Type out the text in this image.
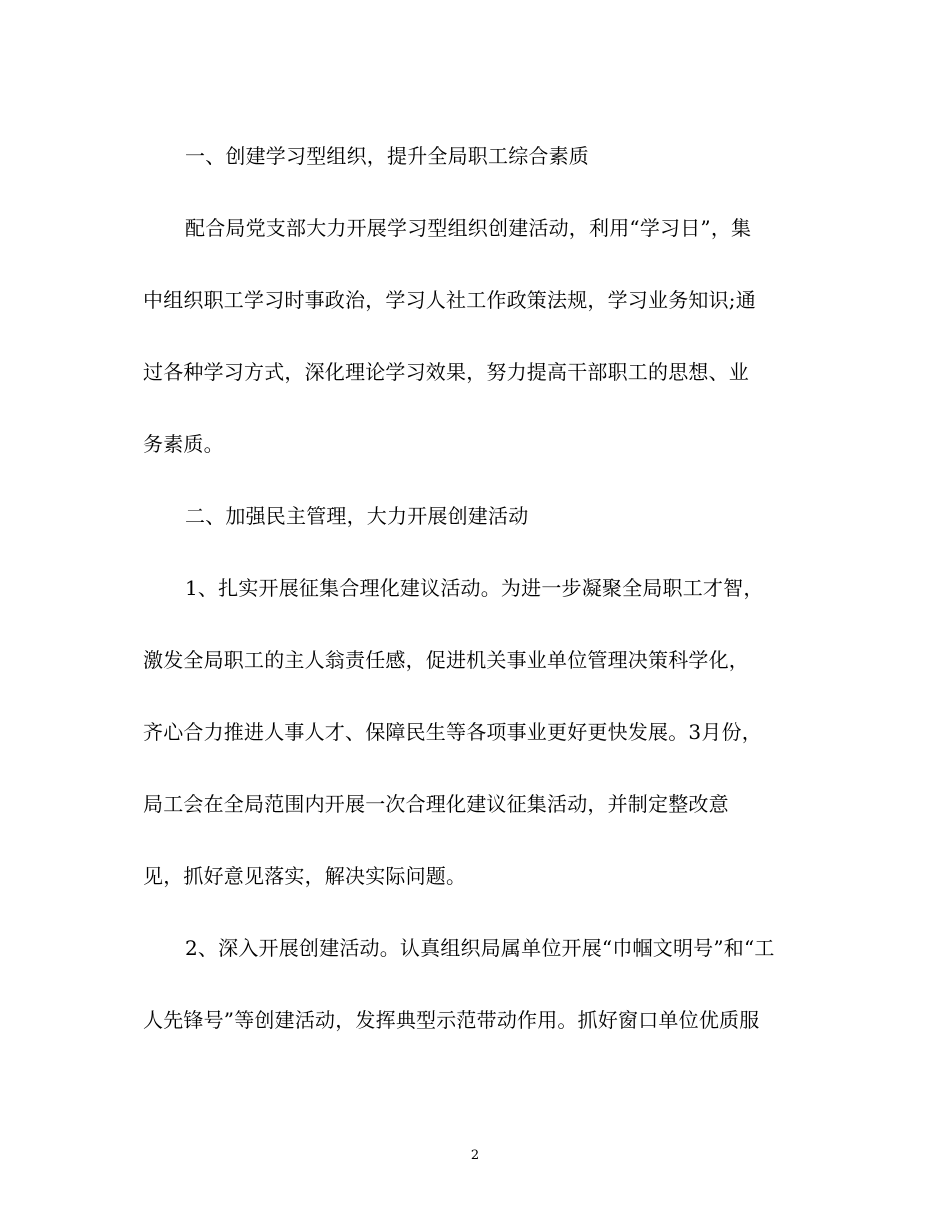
一、创建学习型组织，提升全局职工综合素质
配合局党支部大力开展学习型组织创建活动，利用“学习日”，集
中组织职工学习时事政治，学习人社工作政策法规，学习业务知识;通
过各种学习方式，深化理论学习效果，努力提高干部职工的思想、业
务素质。
二、加强民主管理，大力开展创建活动
1、扎实开展征集合理化建议活动。为进一步凝聚全局职工才智，
激发全局职工的主人翁责任感，促进机关事业单位管理决策科学化，
齐心合力推进人事人才、保障民生等各项事业更好更快发展。3月份，
局工会在全局范围内开展一次合理化建议征集活动，并制定整改意
见，抓好意见落实，解决实际问题。
2、深入开展创建活动。认真组织局属单位开展“巾帼文明号”和“工
人先锋号”等创建活动，发挥典型示范带动作用。抓好窗口单位优质服
2
